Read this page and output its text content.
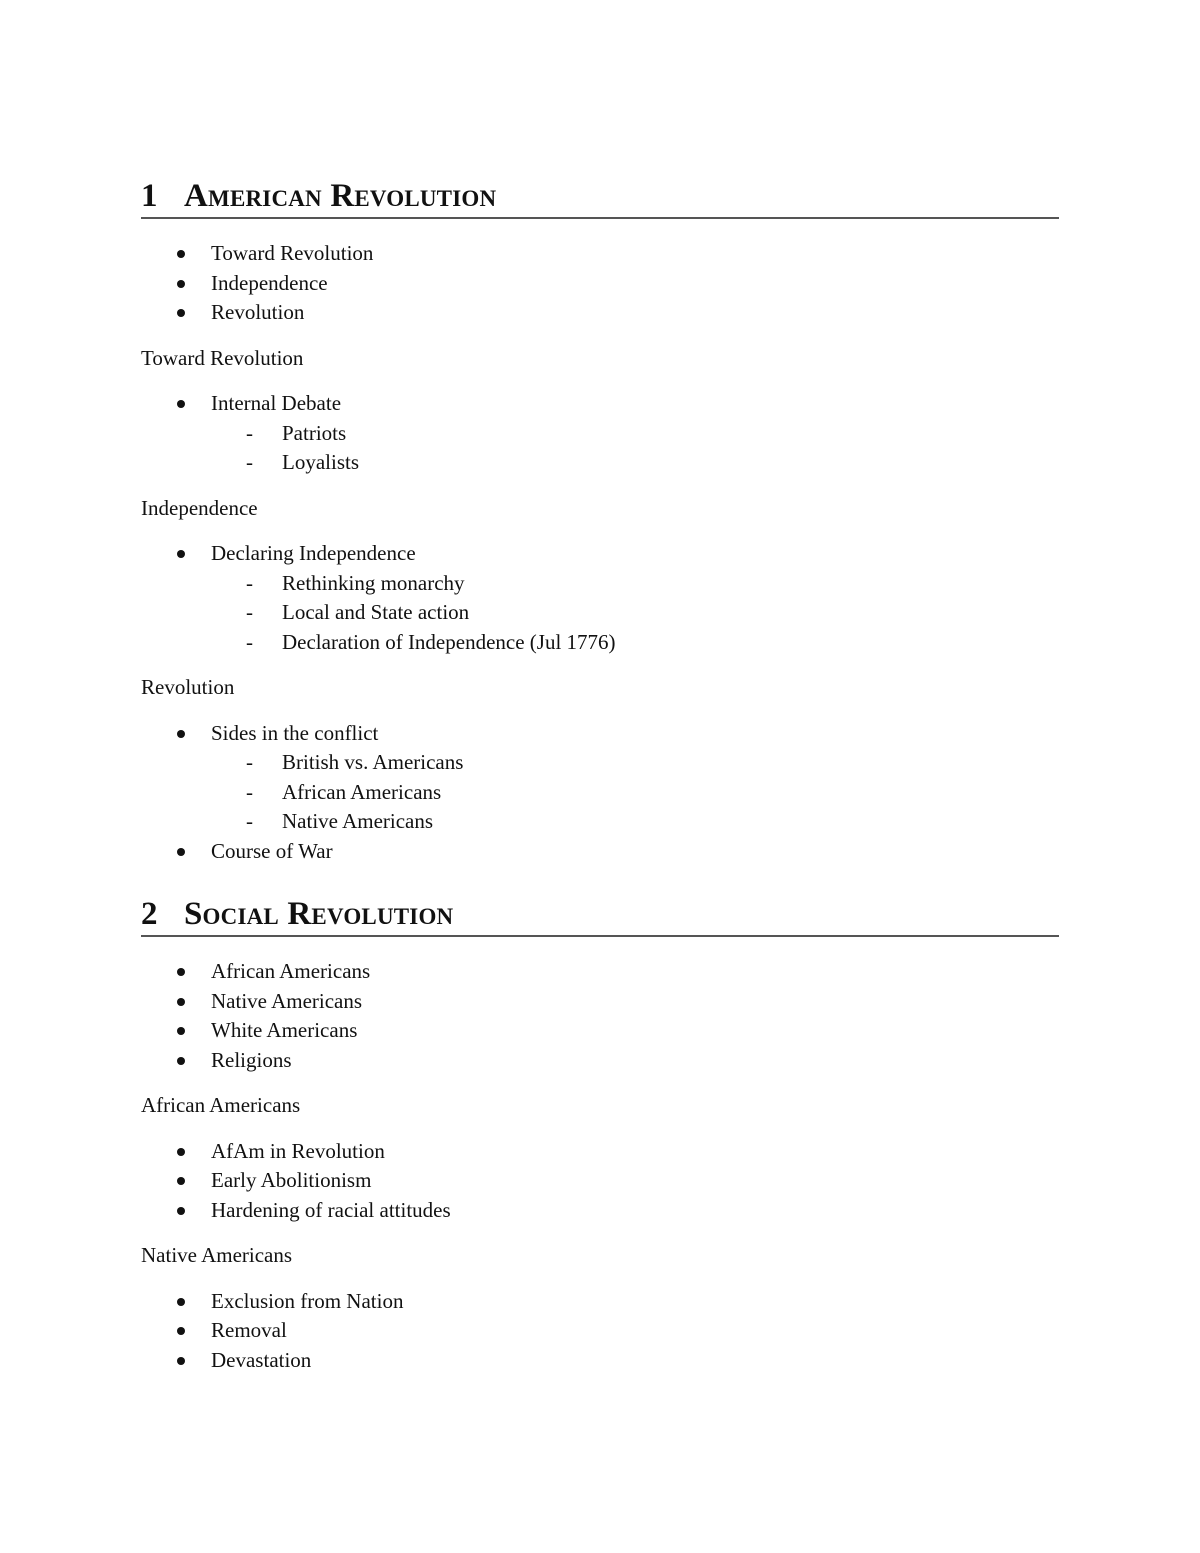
1 American Revolution
Toward Revolution
Independence
Revolution
Toward Revolution
Internal Debate
- Patriots
- Loyalists
Independence
Declaring Independence
- Rethinking monarchy
- Local and State action
- Declaration of Independence (Jul 1776)
Revolution
Sides in the conflict
- British vs. Americans
- African Americans
- Native Americans
Course of War
2 Social Revolution
African Americans
Native Americans
White Americans
Religions
African Americans
AfAm in Revolution
Early Abolitionism
Hardening of racial attitudes
Native Americans
Exclusion from Nation
Removal
Devastation
